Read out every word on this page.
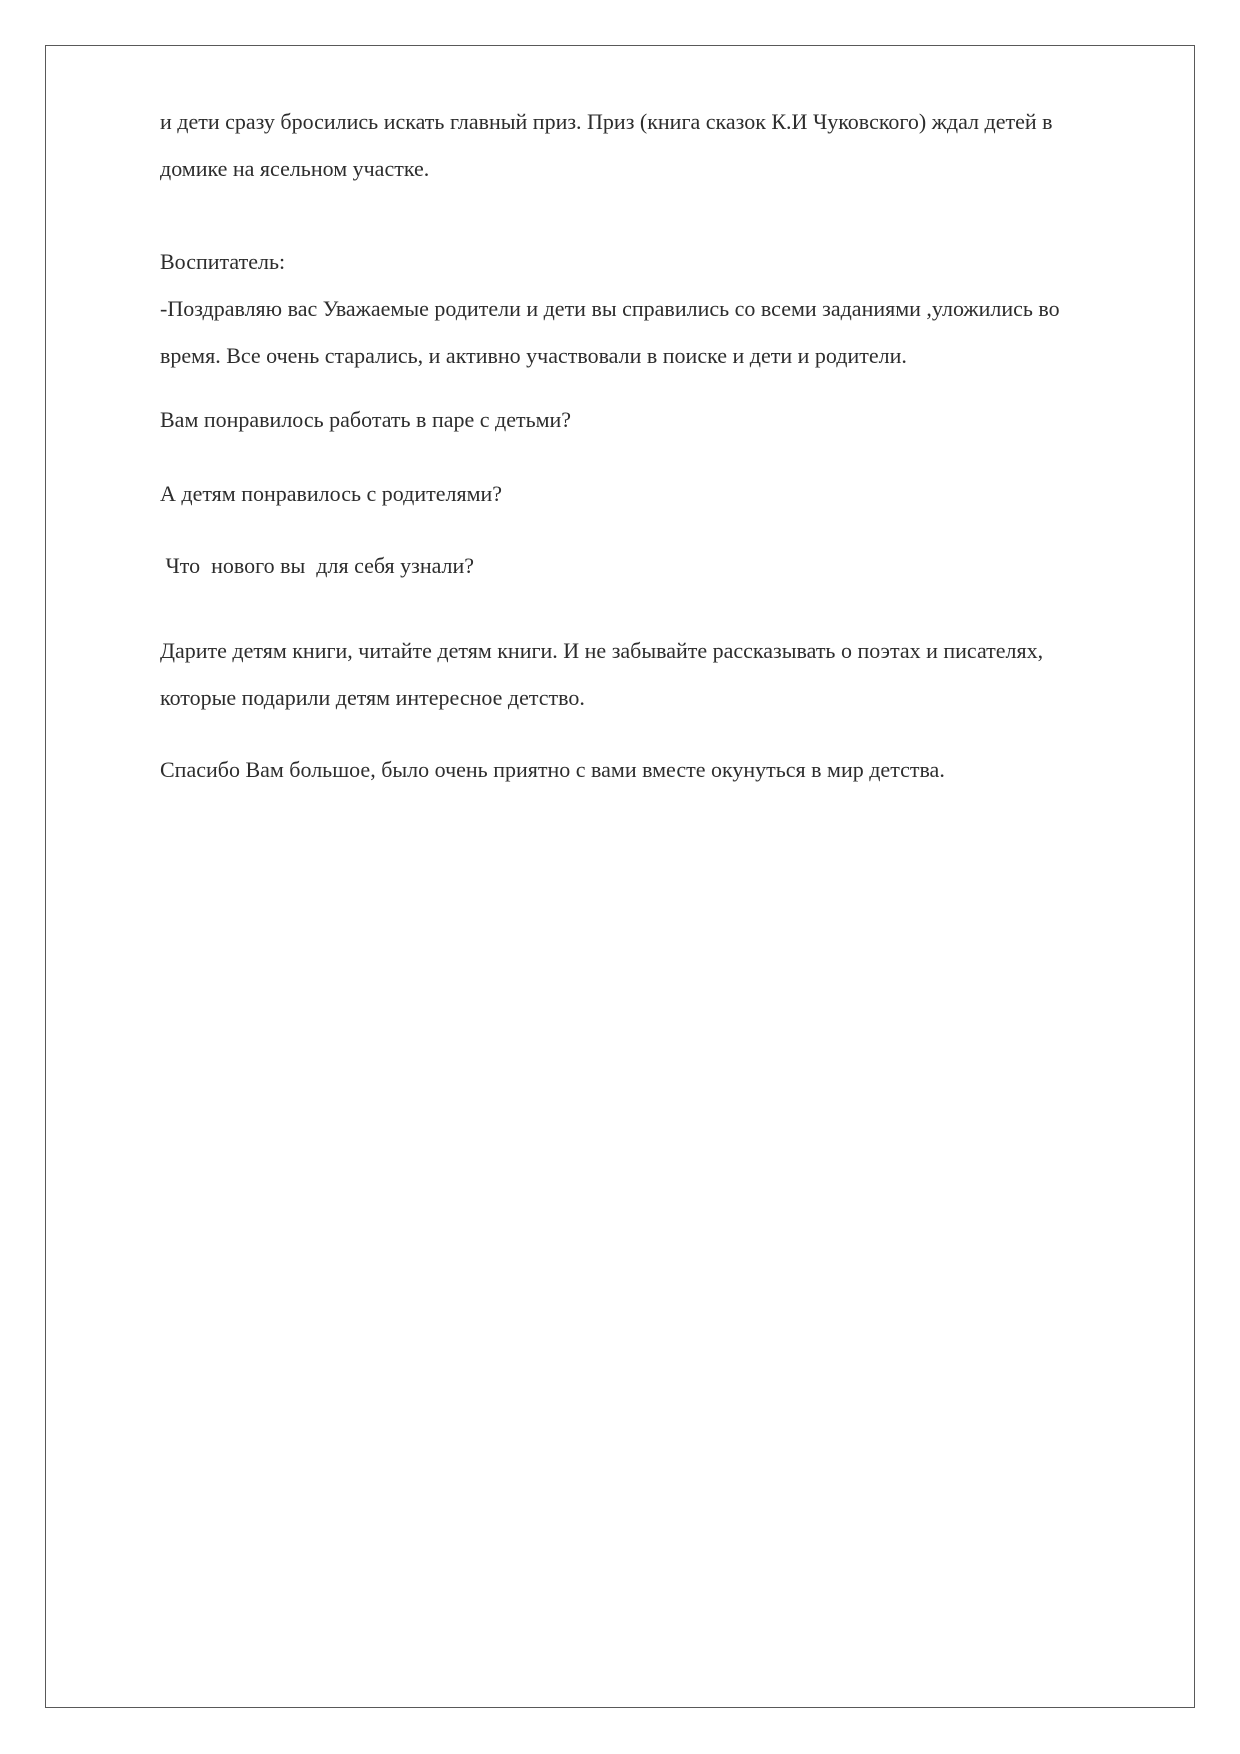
и дети сразу бросились искать главный приз. Приз (книга сказок К.И Чуковского) ждал детей в домике на ясельном участке.

Воспитатель:

-Поздравляю вас Уважаемые родители и дети вы справились со всеми заданиями ,уложились во время. Все очень старались, и активно участвовали в поиске и дети и родители.

Вам понравилось работать в паре с детьми?

А детям понравилось с родителями?

Что  нового вы  для себя узнали?

Дарите детям книги, читайте детям книги. И не забывайте рассказывать о поэтах и писателях, которые подарили детям интересное детство.

Спасибо Вам большое, было очень приятно с вами вместе окунуться в мир детства.
